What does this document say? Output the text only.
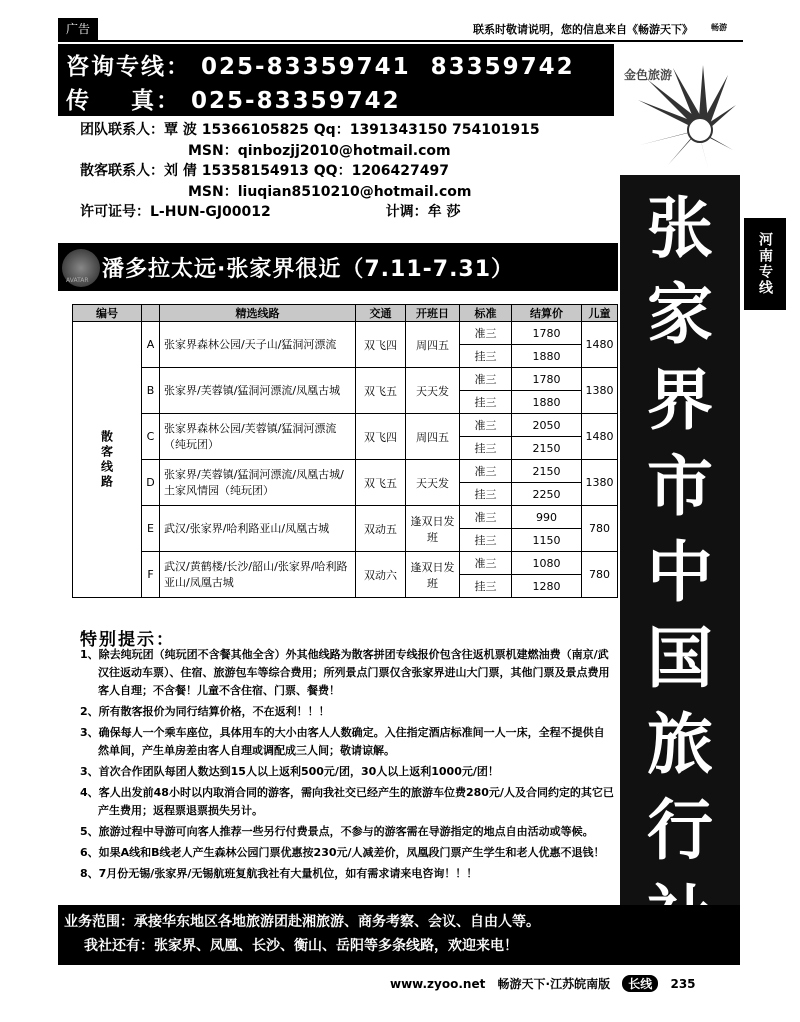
广告	联系时敬请说明，您的信息来自《畅游天下》	畅游
咨询专线： 025-83359741  83359742
传    真： 025-83359742
金色旅游
团队联系人：覃 波 15366105825 Qq：1391343150 754101915
MSN：qinbozjj2010@hotmail.com
散客联系人：刘 倩 15358154913 QQ：1206427497
MSN：liuqian8510210@hotmail.com
许可证号：L-HUN-GJ00012	计调：牟 莎	张家界市中国旅行
河南专线
AVATAR 潘多拉太远·张家界很近（7.11-7.31）
编号		精选线路	交通	开班日	标准	结算价	儿童
散客线路	A	张家界森林公园/天子山/猛洞河漂流	双飞四	周四五	准三	1780	1480
					挂三	1880	
	B	张家界/芙蓉镇/猛洞河漂流/凤凰古城	双飞五	天天发	准三	1780	1380
					挂三	1880	
	C	张家界森林公园/芙蓉镇/猛洞河漂流（纯玩团）	双飞四	周四五	准三	2050	1480
					挂三	2150	
	D	张家界/芙蓉镇/猛洞河漂流/凤凰古城/土家风情园（纯玩团）	双飞五	天天发	准三	2150	1380
					挂三	2250	
	E	武汉/张家界/哈利路亚山/凤凰古城	双动五	逢双日发班	准三	990	780
					挂三	1150	
	F	武汉/黄鹤楼/长沙/韶山/张家界/哈利路亚山/凤凰古城	双动六	逢双日发班	准三	1080	780
					挂三	1280	
特别提示：
1、除去纯玩团（纯玩团不含餐其他全含）外其他线路为散客拼团专线报价包含往返机票机建燃油费（南京/武汉往返动车票）、住宿、旅游包车等综合费用；所列景点门票仅含张家界进山大门票，其他门票及景点费用客人自理；不含餐！儿童不含住宿、门票、餐费！
2、所有散客报价为同行结算价格，不在返利！！！
3、确保每人一个乘车座位，具体用车的大小由客人人数确定。入住指定酒店标准间一人一床，全程不提供自然单间，产生单房差由客人自理或调配成三人间；敬请谅解。
3、首次合作团队每团人数达到15人以上返利500元/团，30人以上返利1000元/团！
4、客人出发前48小时以内取消合同的游客，需向我社交已经产生的旅游车位费280元/人及合同约定的其它已产生费用；返程票退票损失另计。
5、旅游过程中导游可向客人推荐一些另行付费景点，不参与的游客需在导游指定的地点自由活动或等候。
6、如果A线和B线老人产生森林公园门票优惠按230元/人减差价，凤凰段门票产生学生和老人优惠不退钱！
8、7月份无锡/张家界/无锡航班复航我社有大量机位，如有需求请来电咨询！！！
业务范围：承接华东地区各地旅游团赴湘旅游、商务考察、会议、自由人等。
我社还有：张家界、凤凰、长沙、衡山、岳阳等多条线路，欢迎来电！
www.zyoo.net 畅游天下·江苏皖南版 长线 235
